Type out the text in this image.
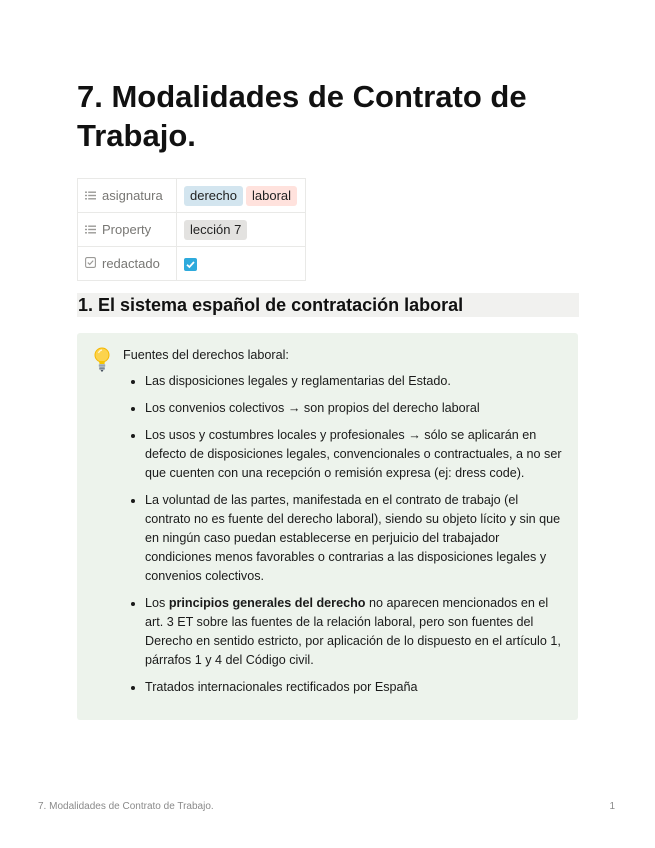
7. Modalidades de Contrato de Trabajo.
asignatura	derecho laboral
Property	lección 7
redactado	
1. El sistema español de contratación laboral
Fuentes del derechos laboral:
Las disposiciones legales y reglamentarias del Estado.
Los convenios colectivos → son propios del derecho laboral
Los usos y costumbres locales y profesionales → sólo se aplicarán en defecto de disposiciones legales, convencionales o contractuales, a no ser que cuenten con una recepción o remisión expresa (ej: dress code).
La voluntad de las partes, manifestada en el contrato de trabajo (el contrato no es fuente del derecho laboral), siendo su objeto lícito y sin que en ningún caso puedan establecerse en perjuicio del trabajador condiciones menos favorables o contrarias a las disposiciones legales y convenios colectivos.
Los principios generales del derecho no aparecen mencionados en el art. 3 ET sobre las fuentes de la relación laboral, pero son fuentes del Derecho en sentido estricto, por aplicación de lo dispuesto en el artículo 1, párrafos 1 y 4 del Código civil.
Tratados internacionales rectificados por España
7. Modalidades de Contrato de Trabajo.	1
